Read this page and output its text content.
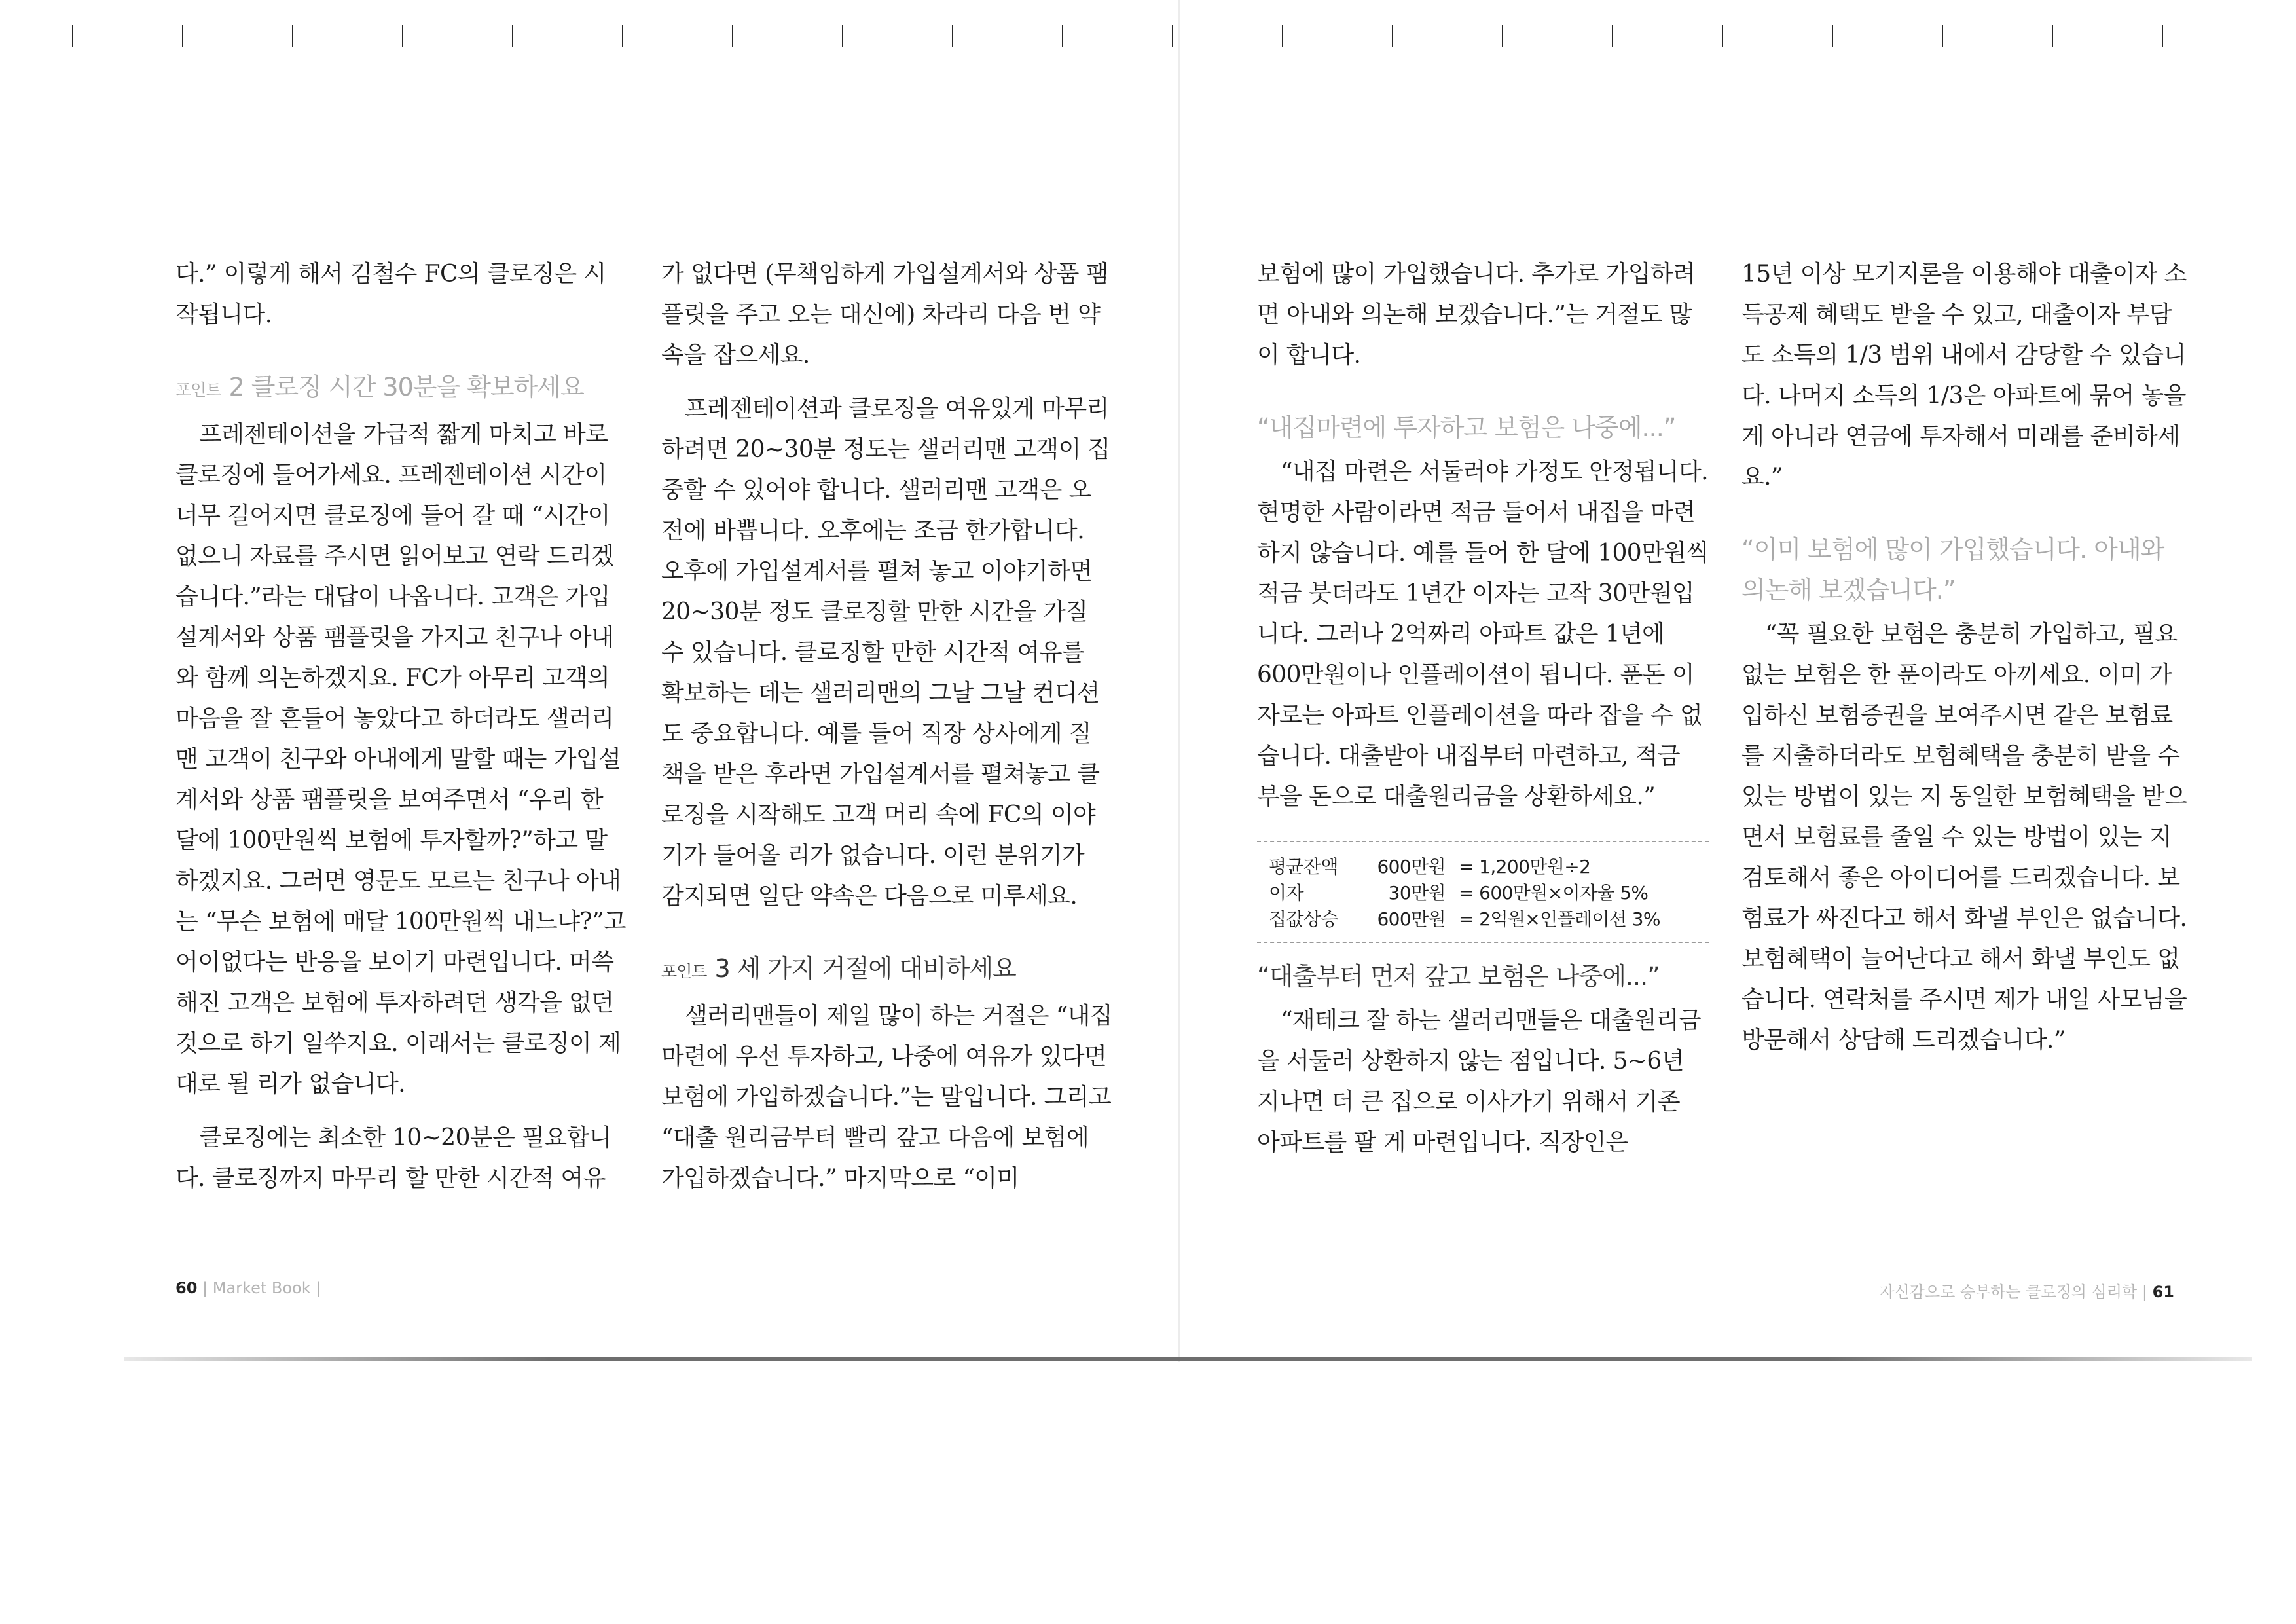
다.” 이렇게 해서 김철수 FC의 클로징은 시작됩니다.

포인트 2 클로징 시간 30분을 확보하세요

프레젠테이션을 가급적 짧게 마치고 바로 클로징에 들어가세요. 프레젠테이션 시간이 너무 길어지면 클로징에 들어 갈 때 “시간이 없으니 자료를 주시면 읽어보고 연락 드리겠습니다.”라는 대답이 나옵니다. 고객은 가입설계서와 상품 팸플릿을 가지고 친구나 아내와 함께 의논하겠지요. FC가 아무리 고객의 마음을 잘 흔들어 놓았다고 하더라도 샐러리맨 고객이 친구와 아내에게 말할 때는 가입설계서와 상품 팸플릿을 보여주면서 “우리 한 달에 100만원씩 보험에 투자할까?”하고 말하겠지요. 그러면 영문도 모르는 친구나 아내는 “무슨 보험에 매달 100만원씩 내느냐?”고 어이없다는 반응을 보이기 마련입니다. 머쓱해진 고객은 보험에 투자하려던 생각을 없던 것으로 하기 일쑤지요. 이래서는 클로징이 제대로 될 리가 없습니다.

클로징에는 최소한 10~20분은 필요합니다. 클로징까지 마무리 할 만한 시간적 여유

가 없다면 (무책임하게 가입설계서와 상품 팸플릿을 주고 오는 대신에) 차라리 다음 번 약속을 잡으세요.

프레젠테이션과 클로징을 여유있게 마무리하려면 20~30분 정도는 샐러리맨 고객이 집중할 수 있어야 합니다. 샐러리맨 고객은 오전에 바쁩니다. 오후에는 조금 한가합니다. 오후에 가입설계서를 펼쳐 놓고 이야기하면 20~30분 정도 클로징할 만한 시간을 가질 수 있습니다. 클로징할 만한 시간적 여유를 확보하는 데는 샐러리맨의 그날 그날 컨디션도 중요합니다. 예를 들어 직장 상사에게 질책을 받은 후라면 가입설계서를 펼쳐놓고 클로징을 시작해도 고객 머리 속에 FC의 이야기가 들어올 리가 없습니다. 이런 분위기가 감지되면 일단 약속은 다음으로 미루세요.

포인트 3 세 가지 거절에 대비하세요

샐러리맨들이 제일 많이 하는 거절은 “내집마련에 우선 투자하고, 나중에 여유가 있다면 보험에 가입하겠습니다.”는 말입니다. 그리고 “대출 원리금부터 빨리 갚고 다음에 보험에 가입하겠습니다.” 마지막으로 “이미

보험에 많이 가입했습니다. 추가로 가입하려면 아내와 의논해 보겠습니다.”는 거절도 많이 합니다.

“내집마련에 투자하고 보험은 나중에...”

“내집 마련은 서둘러야 가정도 안정됩니다. 현명한 사람이라면 적금 들어서 내집을 마련하지 않습니다. 예를 들어 한 달에 100만원씩 적금 붓더라도 1년간 이자는 고작 30만원입니다. 그러나 2억짜리 아파트 값은 1년에 600만원이나 인플레이션이 됩니다. 푼돈 이자로는 아파트 인플레이션을 따라 잡을 수 없습니다. 대출받아 내집부터 마련하고, 적금 부을 돈으로 대출원리금을 상환하세요.”

평균잔액 600만원 = 1,200만원÷2
이자	30만원 = 600만원×이자율 5%
집값상승 600만원 = 2억원×인플레이션 3%
“대출부터 먼저 갚고 보험은 나중에...”

“재테크 잘 하는 샐러리맨들은 대출원리금을 서둘러 상환하지 않는 점입니다. 5~6년 지나면 더 큰 집으로 이사가기 위해서 기존 아파트를 팔 게 마련입니다. 직장인은

15년 이상 모기지론을 이용해야 대출이자 소득공제 혜택도 받을 수 있고, 대출이자 부담도 소득의 1/3 범위 내에서 감당할 수 있습니다. 나머지 소득의 1/3은 아파트에 묶어 놓을 게 아니라 연금에 투자해서 미래를 준비하세요.”

“이미 보험에 많이 가입했습니다. 아내와 의논해 보겠습니다.”

“꼭 필요한 보험은 충분히 가입하고, 필요 없는 보험은 한 푼이라도 아끼세요. 이미 가입하신 보험증권을 보여주시면 같은 보험료를 지출하더라도 보험혜택을 충분히 받을 수 있는 방법이 있는 지 동일한 보험혜택을 받으면서 보험료를 줄일 수 있는 방법이 있는 지 검토해서 좋은 아이디어를 드리겠습니다. 보험료가 싸진다고 해서 화낼 부인은 없습니다. 보험혜택이 늘어난다고 해서 화낼 부인도 없습니다. 연락처를 주시면 제가 내일 사모님을 방문해서 상담해 드리겠습니다.”

60 | Market Book |	자신감으로 승부하는 클로징의 심리학 | 61
